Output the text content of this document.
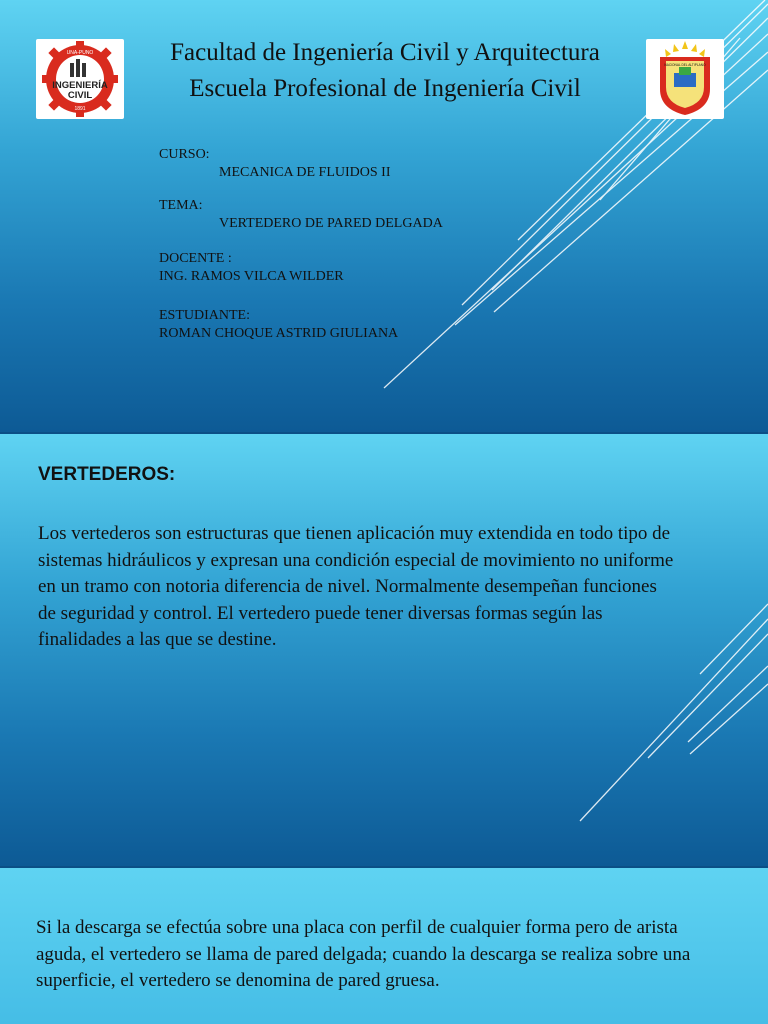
UNA-PUNO
INGENIERÍA
CIVIL
1891
Facultad de Ingeniería Civil y Arquitectura
Escuela Profesional de Ingeniería Civil
NACIONAL DEL ALTIPLANO
CURSO:
MECANICA DE FLUIDOS II
TEMA:
VERTEDERO DE PARED DELGADA
DOCENTE :
ING. RAMOS VILCA WILDER
ESTUDIANTE:
ROMAN CHOQUE ASTRID GIULIANA
VERTEDEROS:

Los vertederos son estructuras que tienen aplicación muy extendida en todo tipo de sistemas hidráulicos y expresan una condición especial de movimiento no uniforme en un tramo con notoria diferencia de nivel. Normalmente desempeñan funciones de seguridad y control. El vertedero puede tener diversas formas según las finalidades a las que se destine.

Si la descarga se efectúa sobre una placa con perfil de cualquier forma pero de arista aguda, el vertedero se llama de pared delgada; cuando la descarga se realiza sobre una superficie, el vertedero se denomina de pared gruesa.
